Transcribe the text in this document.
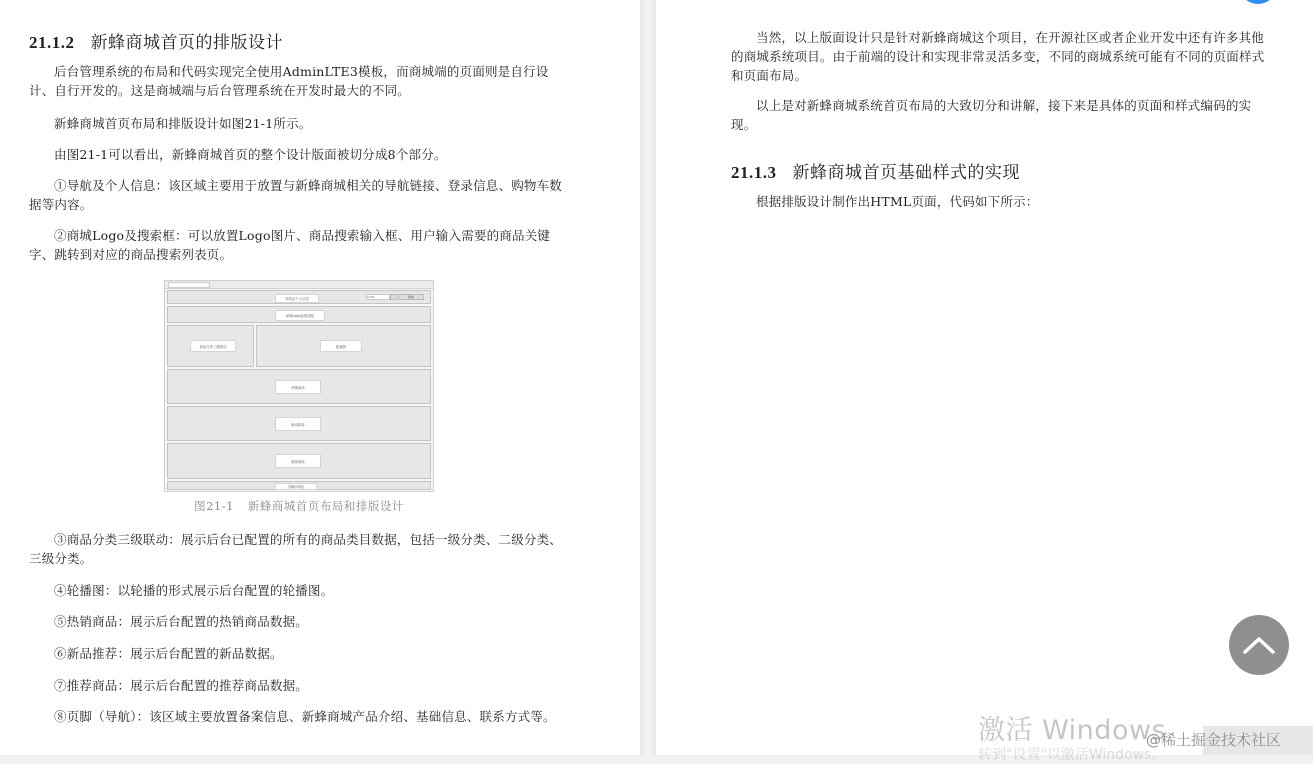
21.1.2 新蜂商城首页的排版设计

后台管理系统的布局和代码实现完全使用AdminLTE3模板，而商城端的页面则是自行设计、自行开发的。这是商城端与后台管理系统在开发时最大的不同。

新蜂商城首页布局和排版设计如图21-1所示。

由图21-1可以看出，新蜂商城首页的整个设计版面被切分成8个部分。

①导航及个人信息：该区域主要用于放置与新蜂商城相关的导航链接、登录信息、购物车数据等内容。

②商城Logo及搜索框：可以放置Logo图片、商品搜索输入框、用户输入需要的商品关键字、跳转到对应的商品搜索列表页。

导航及个人信息	1234	搜索
商城Logo及搜索框
商品分类三级联动	轮播图
热销商品
新品推荐
推荐商品
页脚(导航)

图21-1 新蜂商城首页布局和排版设计

③商品分类三级联动：展示后台已配置的所有的商品类目数据，包括一级分类、二级分类、三级分类。

④轮播图：以轮播的形式展示后台配置的轮播图。

⑤热销商品：展示后台配置的热销商品数据。

⑥新品推荐：展示后台配置的新品数据。

⑦推荐商品：展示后台配置的推荐商品数据。

⑧页脚（导航）：该区域主要放置备案信息、新蜂商城产品介绍、基础信息、联系方式等。

当然，以上版面设计只是针对新蜂商城这个项目，在开源社区或者企业开发中还有许多其他的商城系统项目。由于前端的设计和实现非常灵活多变，不同的商城系统可能有不同的页面样式和页面布局。

以上是对新蜂商城系统首页布局的大致切分和讲解，接下来是具体的页面和样式编码的实现。

21.1.3 新蜂商城首页基础样式的实现

根据排版设计制作出HTML页面，代码如下所示：

激活 Windows
转到"设置"以激活Windows。
@稀土掘金技术社区
